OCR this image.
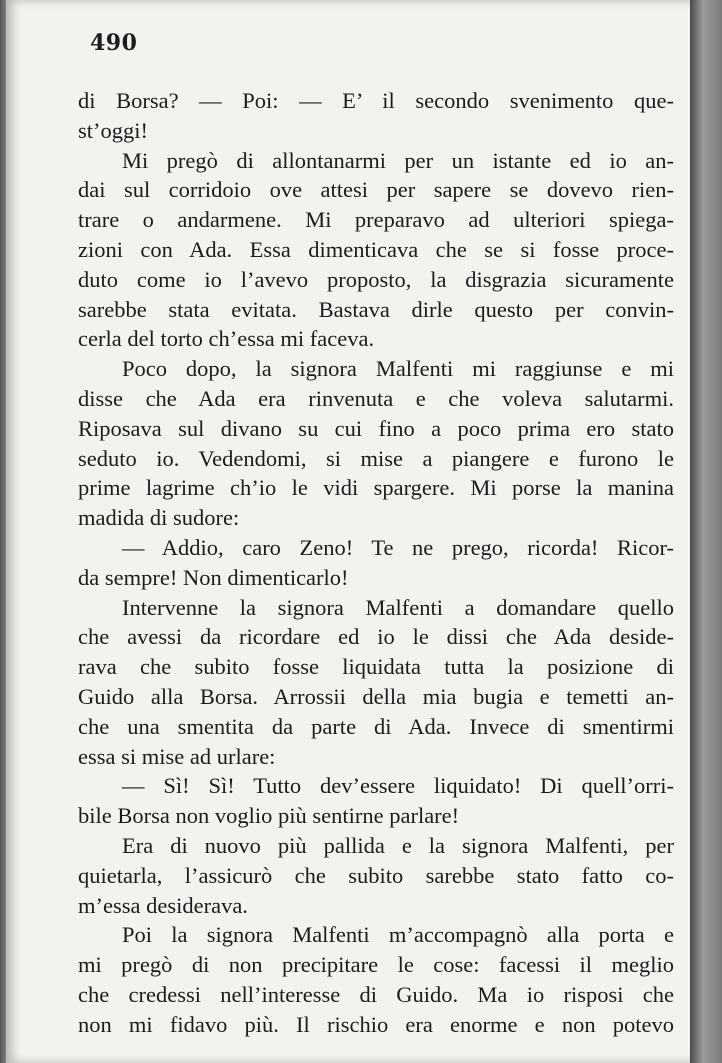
490
di Borsa? — Poi: — E’ il secondo svenimento que-
st’oggi!
Mi pregò di allontanarmi per un istante ed io an-
dai sul corridoio ove attesi per sapere se dovevo rien-
trare o andarmene. Mi preparavo ad ulteriori spiega-
zioni con Ada. Essa dimenticava che se si fosse proce-
duto come io l’avevo proposto, la disgrazia sicuramente
sarebbe stata evitata. Bastava dirle questo per convin-
cerla del torto ch’essa mi faceva.
Poco dopo, la signora Malfenti mi raggiunse e mi
disse che Ada era rinvenuta e che voleva salutarmi.
Riposava sul divano su cui fino a poco prima ero stato
seduto io. Vedendomi, si mise a piangere e furono le
prime lagrime ch’io le vidi spargere. Mi porse la manina
madida di sudore:
— Addio, caro Zeno! Te ne prego, ricorda! Ricor-
da sempre! Non dimenticarlo!
Intervenne la signora Malfenti a domandare quello
che avessi da ricordare ed io le dissi che Ada deside-
rava che subito fosse liquidata tutta la posizione di
Guido alla Borsa. Arrossii della mia bugia e temetti an-
che una smentita da parte di Ada. Invece di smentirmi
essa si mise ad urlare:
— Sì! Sì! Tutto dev’essere liquidato! Di quell’orri-
bile Borsa non voglio più sentirne parlare!
Era di nuovo più pallida e la signora Malfenti, per
quietarla, l’assicurò che subito sarebbe stato fatto co-
m’essa desiderava.
Poi la signora Malfenti m’accompagnò alla porta e
mi pregò di non precipitare le cose: facessi il meglio
che credessi nell’interesse di Guido. Ma io risposi che
non mi fidavo più. Il rischio era enorme e non potevo
